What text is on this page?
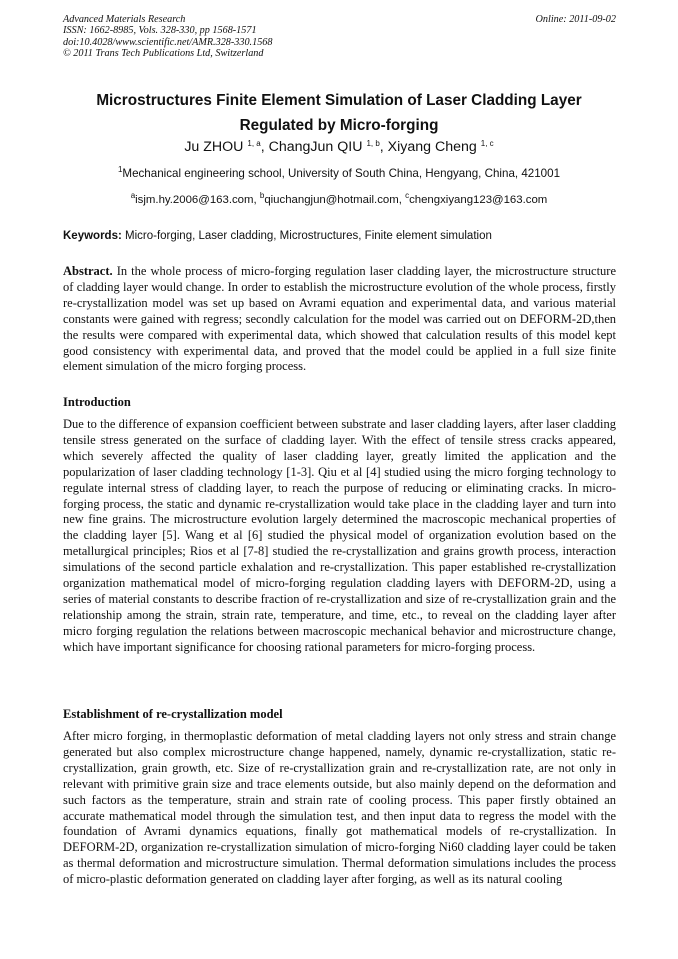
Advanced Materials Research
ISSN: 1662-8985, Vols. 328-330, pp 1568-1571
doi:10.4028/www.scientific.net/AMR.328-330.1568
© 2011 Trans Tech Publications Ltd, Switzerland
Online: 2011-09-02
Microstructures Finite Element Simulation of Laser Cladding Layer
Regulated by Micro-forging
Ju ZHOU $^{1, a}$, ChangJun QIU $^{1, b}$, Xiyang Cheng $^{1, c}$
$^1$Mechanical engineering school, University of South China, Hengyang, China, 421001
$^a$isjm.hy.2006@163.com, $^b$qiuchangjun@hotmail.com, $^c$chengxiyang123@163.com
Keywords: Micro-forging, Laser cladding, Microstructures, Finite element simulation
Abstract. In the whole process of micro-forging regulation laser cladding layer, the microstructure structure of cladding layer would change. In order to establish the microstructure evolution of the whole process, firstly re-crystallization model was set up based on Avrami equation and experimental data, and various material constants were gained with regress; secondly calculation for the model was carried out on DEFORM-2D,then the results were compared with experimental data, which showed that calculation results of this model kept good consistency with experimental data, and proved that the model could be applied in a full size finite element simulation of the micro forging process.
Introduction
Due to the difference of expansion coefficient between substrate and laser cladding layers, after laser cladding tensile stress generated on the surface of cladding layer. With the effect of tensile stress cracks appeared, which severely affected the quality of laser cladding layer, greatly limited the application and the popularization of laser cladding technology [1-3]. Qiu et al [4] studied using the micro forging technology to regulate internal stress of cladding layer, to reach the purpose of reducing or eliminating cracks. In micro-forging process, the static and dynamic re-crystallization would take place in the cladding layer and turn into new fine grains. The microstructure evolution largely determined the macroscopic mechanical properties of the cladding layer [5]. Wang et al [6] studied the physical model of organization evolution based on the metallurgical principles; Rios et al [7-8] studied the re-crystallization and grains growth process, interaction simulations of the second particle exhalation and re-crystallization. This paper established re-crystallization organization mathematical model of micro-forging regulation cladding layers with DEFORM-2D, using a series of material constants to describe fraction of re-crystallization and size of re-crystallization grain and the relationship among the strain, strain rate, temperature, and time, etc., to reveal on the cladding layer after micro forging regulation the relations between macroscopic mechanical behavior and microstructure change, which have important significance for choosing rational parameters for micro-forging process.
Establishment of re-crystallization model
After micro forging, in thermoplastic deformation of metal cladding layers not only stress and strain change generated but also complex microstructure change happened, namely, dynamic re-crystallization, static re-crystallization, grain growth, etc. Size of re-crystallization grain and re-crystallization rate, are not only in relevant with primitive grain size and trace elements outside, but also mainly depend on the deformation and such factors as the temperature, strain and strain rate of cooling process. This paper firstly obtained an accurate mathematical model through the simulation test, and then input data to regress the model with the foundation of Avrami dynamics equations, finally got mathematical models of re-crystallization. In DEFORM-2D, organization re-crystallization simulation of micro-forging Ni60 cladding layer could be taken as thermal deformation and microstructure simulation. Thermal deformation simulations includes the process of micro-plastic deformation generated on cladding layer after forging, as well as its natural cooling
